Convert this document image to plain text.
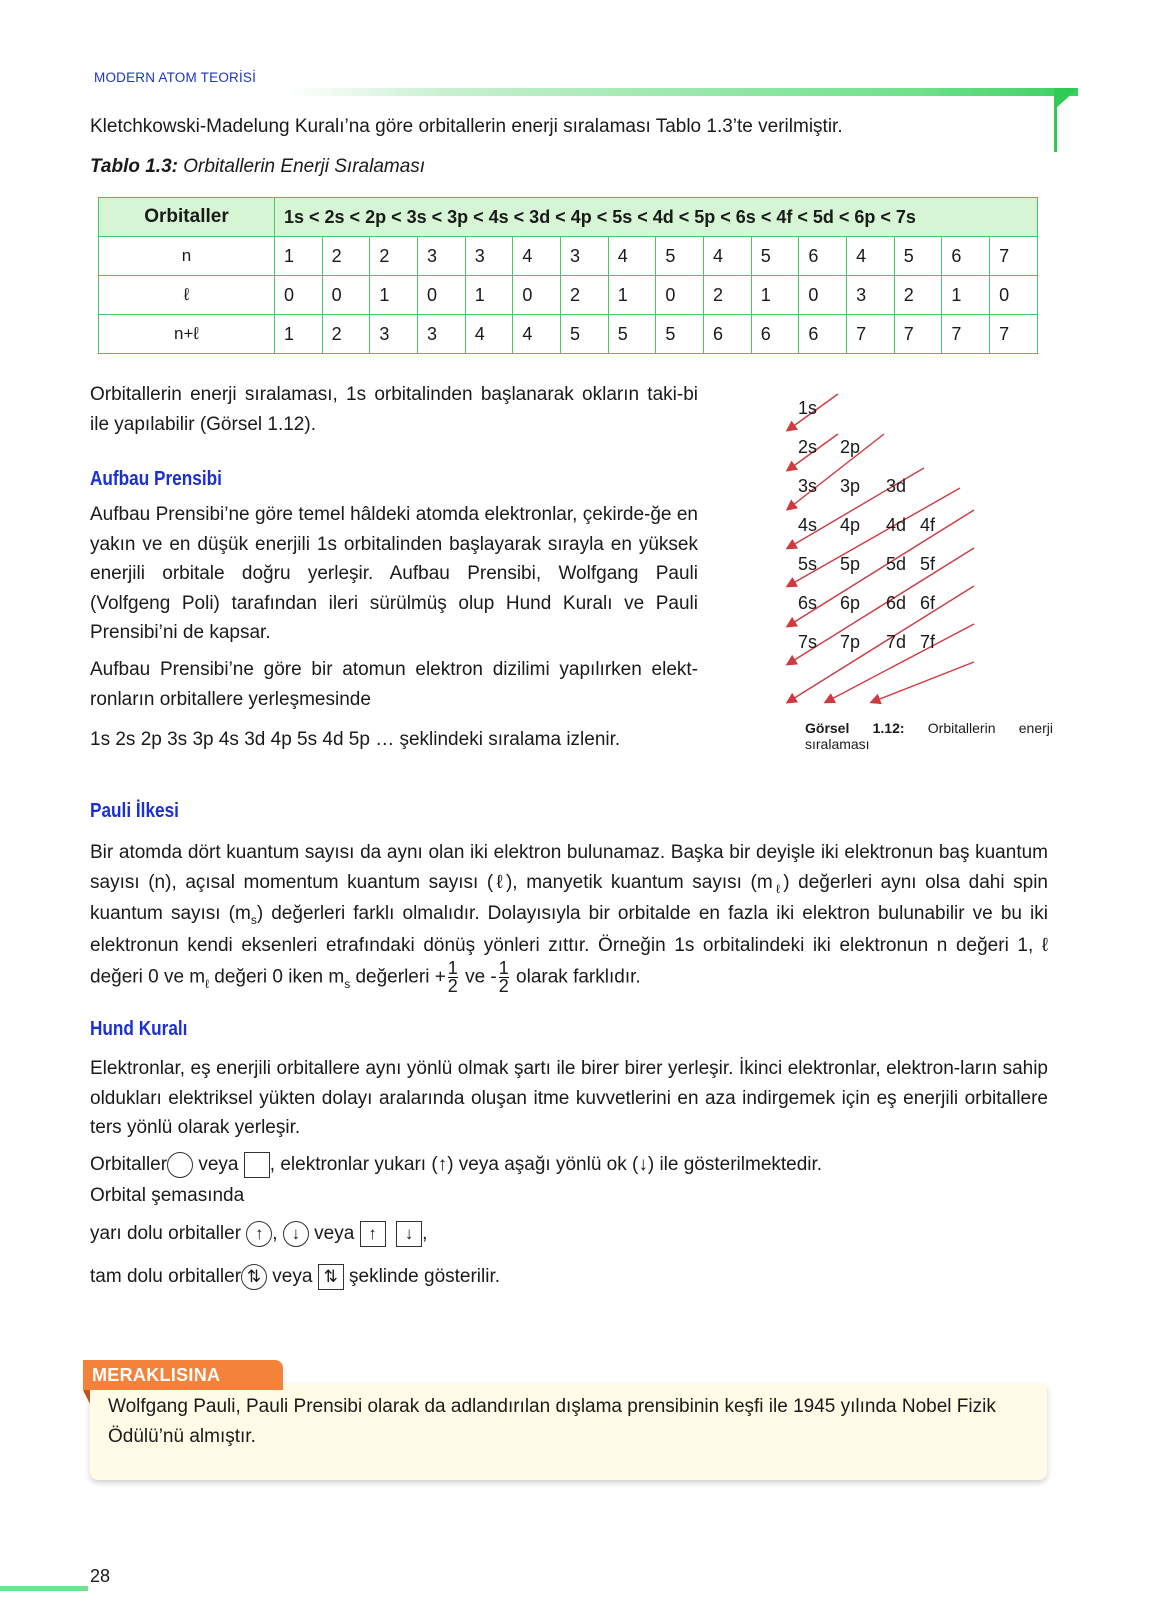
MODERN ATOM TEORİSİ

Kletchkowski-Madelung Kuralı’na göre orbitallerin enerji sıralaması Tablo 1.3’te verilmiştir.

Tablo 1.3: Orbitallerin Enerji Sıralaması

Orbitaller	1s < 2s < 2p < 3s < 3p < 4s < 3d < 4p < 5s < 4d < 5p < 6s < 4f < 5d < 6p < 7s															
n	1	2	2	3	3	4	3	4	5	4	5	6	4	5	6	7
ℓ	0	0	1	0	1	0	2	1	0	2	1	0	3	2	1	0
n+ℓ	1	2	3	3	4	4	5	5	5	6	6	6	7	7	7	7

Orbitallerin enerji sıralaması, 1s orbitalinden başlanarak okların taki-bi ile yapılabilir (Görsel 1.12).

Aufbau Prensibi

Aufbau Prensibi’ne göre temel hâldeki atomda elektronlar, çekirde-ğe en yakın ve en düşük enerjili 1s orbitalinden başlayarak sırayla en yüksek enerjili orbitale doğru yerleşir. Aufbau Prensibi, Wolfgang Pauli (Volfgeng Poli) tarafından ileri sürülmüş olup Hund Kuralı ve Pauli Prensibi’ni de kapsar.

Aufbau Prensibi’ne göre bir atomun elektron dizilimi yapılırken elekt-ronların orbitallere yerleşmesinde

1s 2s 2p 3s 3p 4s 3d 4p 5s 4d 5p … şeklindeki sıralama izlenir.

1s
2s 2p
3s 3p 3d
4s 4p 4d 4f
5s 5p 5d 5f
6s 6p 6d 6f
7s 7p 7d 7f
Görsel 1.12: Orbitallerin enerji sıralaması

Pauli İlkesi

Bir atomda dört kuantum sayısı da aynı olan iki elektron bulunamaz. Başka bir deyişle iki elektronun baş kuantum sayısı (n), açısal momentum kuantum sayısı (ℓ), manyetik kuantum sayısı $(m_\ell)$ değerleri aynı olsa dahi spin kuantum sayısı $(m_s)$ değerleri farklı olmalıdır. Dolayısıyla bir orbitalde en fazla iki elektron bulunabilir ve bu iki elektronun kendi eksenleri etrafındaki dönüş yönleri zıttır. Örneğin 1s orbitalindeki iki elektronun n değeri 1, ℓ değeri 0 ve $m_\ell$ değeri 0 iken $m_s$ değerleri + $\frac{1}{2}$ ve - $\frac{1}{2}$ olarak farklıdır.

Hund Kuralı

Elektronlar, eş enerjili orbitallere aynı yönlü olmak şartı ile birer birer yerleşir. İkinci elektronlar, elektron-ların sahip oldukları elektriksel yükten dolayı aralarında oluşan itme kuvvetlerini en aza indirgemek için eş enerjili orbitallere ters yönlü olarak yerleşir.

Orbitaller veya , elektronlar yukarı (↑) veya aşağı yönlü ok (↓) ile gösterilmektedir.

Orbital şemasında

yarı dolu orbitaller ↑ , ↓ veya ↑ ↓ ,

tam dolu orbitaller ⇅ veya ⇅ şeklinde gösterilir.

MERAKLISINA

Wolfgang Pauli, Pauli Prensibi olarak da adlandırılan dışlama prensibinin keşfi ile 1945 yılında Nobel Fizik Ödülü’nü almıştır.

28
